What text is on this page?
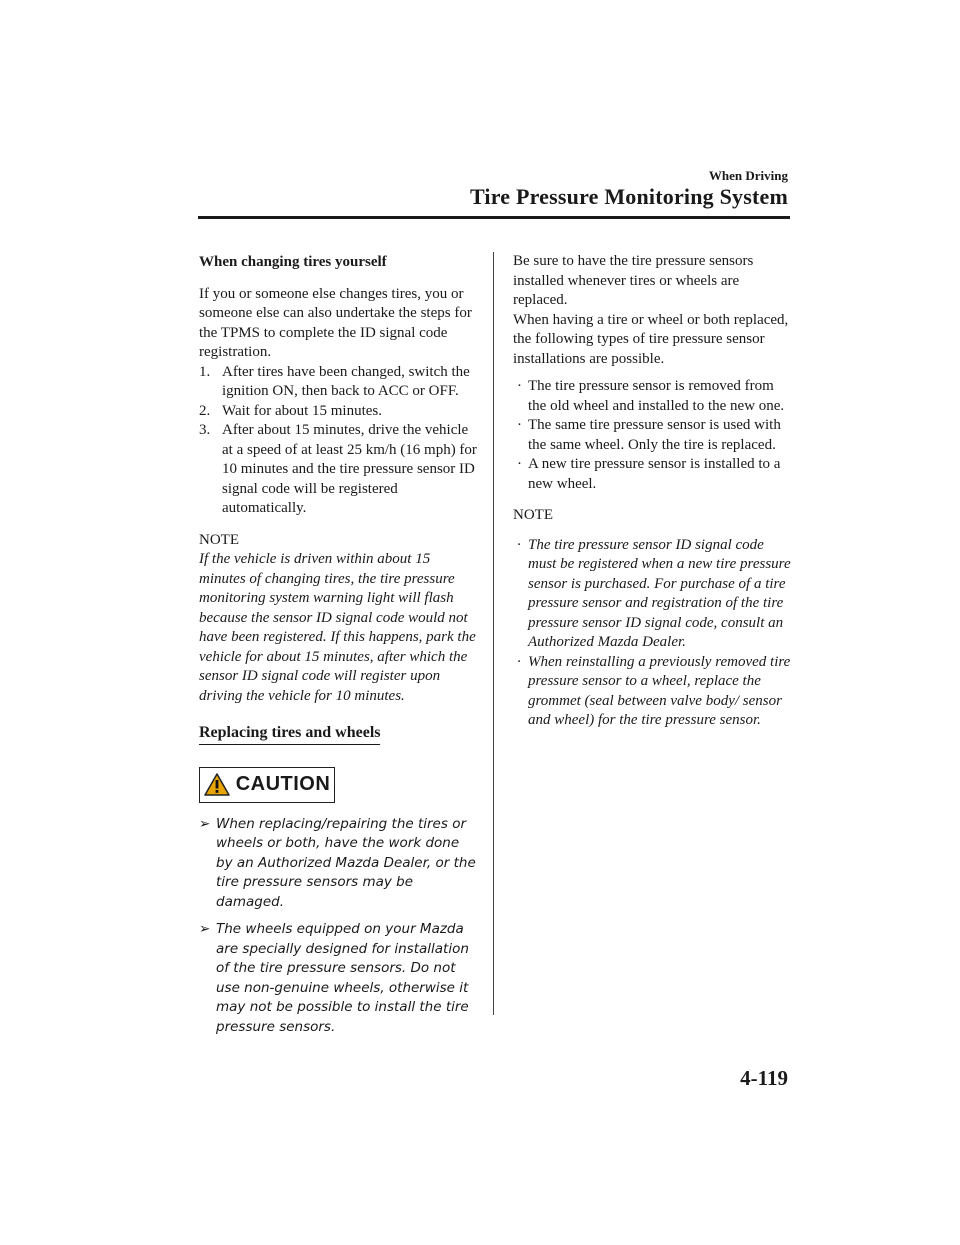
When Driving
Tire Pressure Monitoring System

When changing tires yourself

If you or someone else changes tires, you or someone else can also undertake the steps for the TPMS to complete the ID signal code registration.

1. After tires have been changed, switch the ignition ON, then back to ACC or OFF.
2. Wait for about 15 minutes.
3. After about 15 minutes, drive the vehicle at a speed of at least 25 km/h (16 mph) for 10 minutes and the tire pressure sensor ID signal code will be registered automatically.

NOTE

If the vehicle is driven within about 15 minutes of changing tires, the tire pressure monitoring system warning light will flash because the sensor ID signal code would not have been registered. If this happens, park the vehicle for about 15 minutes, after which the sensor ID signal code will register upon driving the vehicle for 10 minutes.

Replacing tires and wheels
CAUTION
➢ When replacing/repairing the tires or wheels or both, have the work done by an Authorized Mazda Dealer, or the tire pressure sensors may be damaged.
➢ The wheels equipped on your Mazda are specially designed for installation of the tire pressure sensors. Do not use non-genuine wheels, otherwise it may not be possible to install the tire pressure sensors.

Be sure to have the tire pressure sensors installed whenever tires or wheels are replaced.

When having a tire or wheel or both replaced, the following types of tire pressure sensor installations are possible.

· The tire pressure sensor is removed from the old wheel and installed to the new one.
· The same tire pressure sensor is used with the same wheel. Only the tire is replaced.
· A new tire pressure sensor is installed to a new wheel.

NOTE

· The tire pressure sensor ID signal code must be registered when a new tire pressure sensor is purchased. For purchase of a tire pressure sensor and registration of the tire pressure sensor ID signal code, consult an Authorized Mazda Dealer.
· When reinstalling a previously removed tire pressure sensor to a wheel, replace the grommet (seal between valve body/ sensor and wheel) for the tire pressure sensor.
4-119
